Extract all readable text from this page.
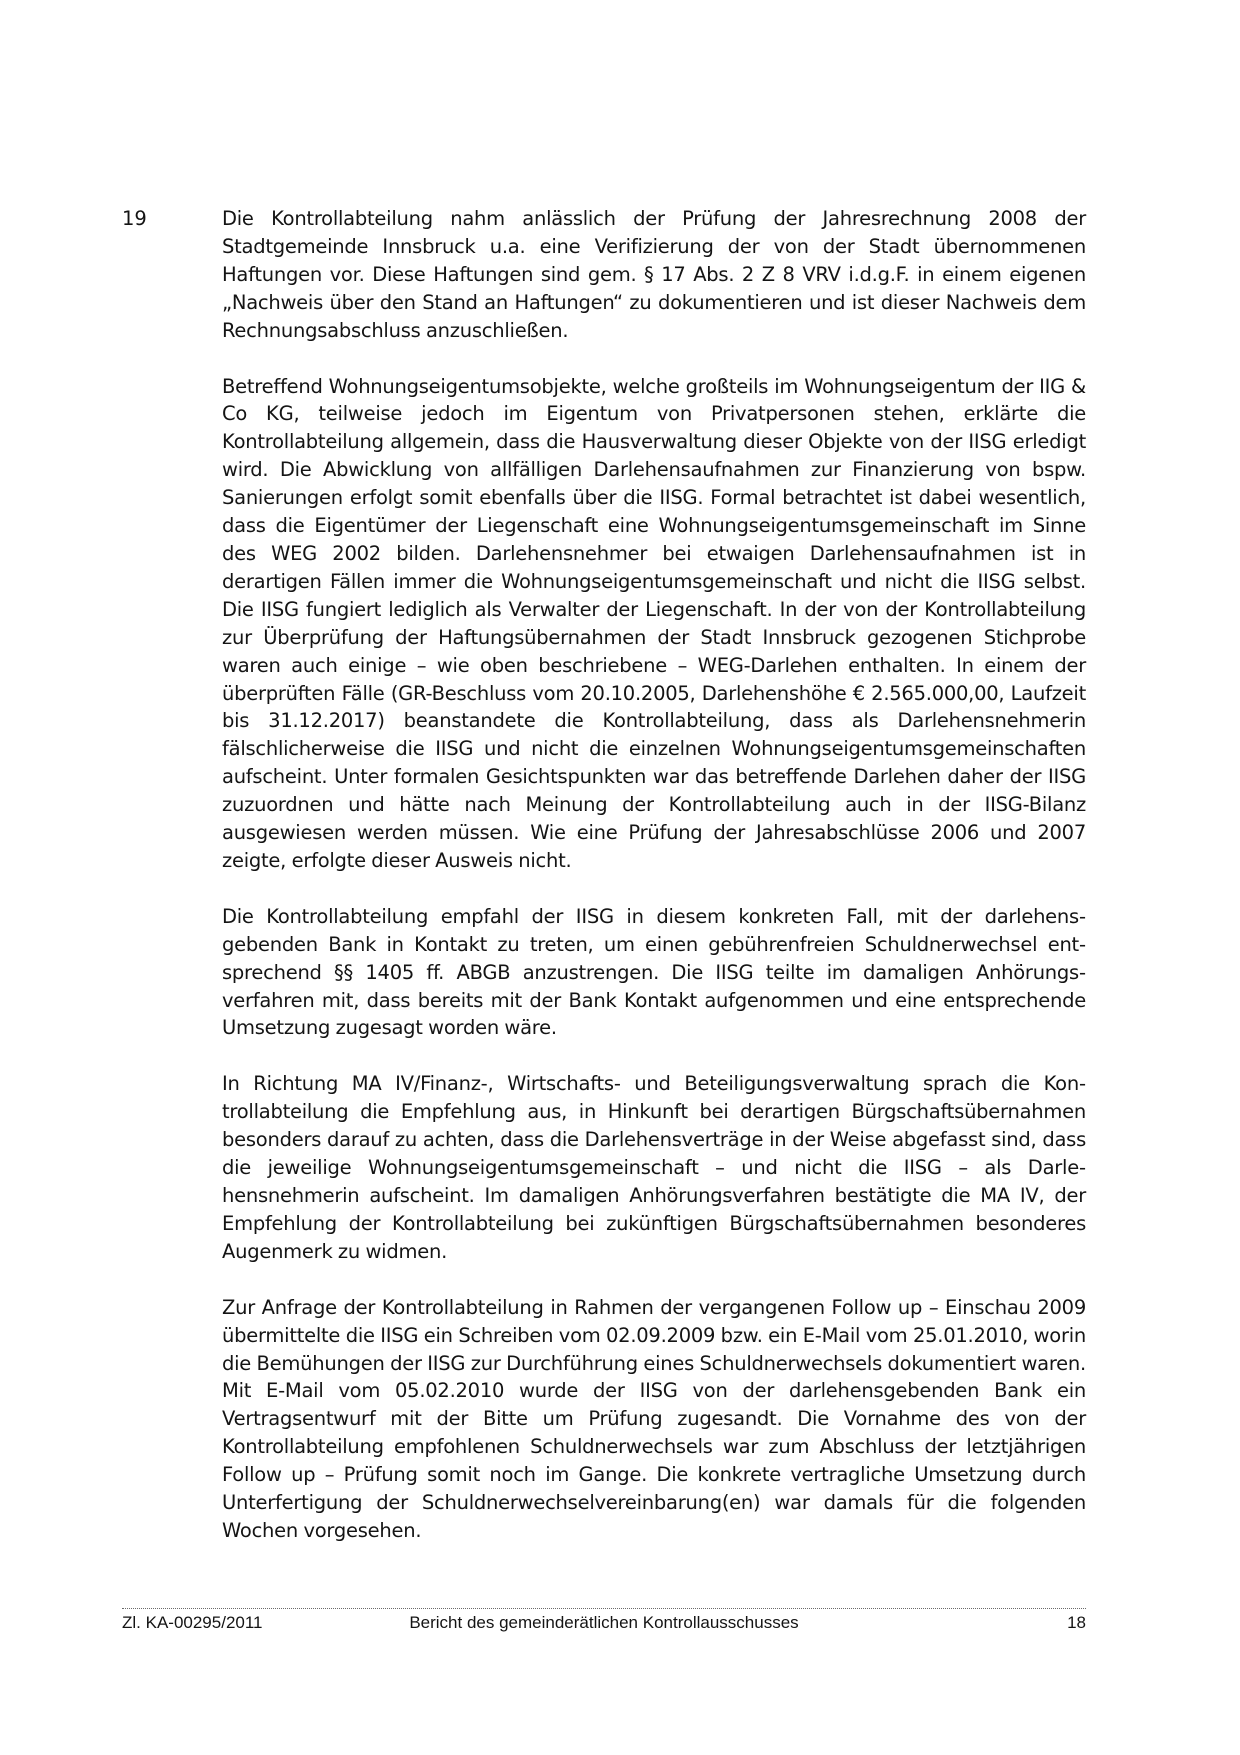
19	Die Kontrollabteilung nahm anlässlich der Prüfung der Jahresrechnung 2008 der Stadtgemeinde Innsbruck u.a. eine Verifizierung der von der Stadt übernommenen Haftungen vor. Diese Haftungen sind gem. § 17 Abs. 2 Z 8 VRV i.d.g.F. in einem eigenen „Nachweis über den Stand an Haftungen“ zu dokumentieren und ist dieser Nachweis dem Rechnungsabschluss anzuschließen.

Betreffend Wohnungseigentumsobjekte, welche großteils im Wohnungseigentum der IIG & Co KG, teilweise jedoch im Eigentum von Privatpersonen stehen, erklärte die Kontrollabteilung allgemein, dass die Hausverwaltung dieser Objekte von der IISG erledigt wird. Die Abwicklung von allfälligen Darlehensaufnahmen zur Finanzierung von bspw. Sanierungen erfolgt somit ebenfalls über die IISG. Formal betrachtet ist dabei wesentlich, dass die Eigentümer der Liegenschaft eine Wohnungseigentumsgemeinschaft im Sinne des WEG 2002 bilden. Darlehensnehmer bei etwaigen Darlehensaufnahmen ist in derartigen Fällen immer die Wohnungseigentumsgemeinschaft und nicht die IISG selbst. Die IISG fungiert lediglich als Verwalter der Liegenschaft. In der von der Kontrollabteilung zur Überprüfung der Haftungsübernahmen der Stadt Innsbruck gezogenen Stichprobe waren auch einige – wie oben beschriebene – WEG-Darlehen enthalten. In einem der überprüften Fälle (GR-Beschluss vom 20.10.2005, Darlehenshöhe € 2.565.000,00, Laufzeit bis 31.12.2017) beanstandete die Kontrollabteilung, dass als Darlehensnehmerin fälschlicherweise die IISG und nicht die einzelnen Wohnungseigentumsgemeinschaften aufscheint. Unter formalen Gesichtspunkten war das betreffende Darlehen daher der IISG zuzuordnen und hätte nach Meinung der Kontrollabteilung auch in der IISG-Bilanz ausgewiesen werden müssen. Wie eine Prüfung der Jahresabschlüsse 2006 und 2007 zeigte, erfolgte dieser Ausweis nicht.

Die Kontrollabteilung empfahl der IISG in diesem konkreten Fall, mit der darlehensgebenden Bank in Kontakt zu treten, um einen gebührenfreien Schuldnerwechsel entsprechend §§ 1405 ff. ABGB anzustrengen. Die IISG teilte im damaligen Anhörungsverfahren mit, dass bereits mit der Bank Kontakt aufgenommen und eine entsprechende Umsetzung zugesagt worden wäre.

In Richtung MA IV/Finanz-, Wirtschafts- und Beteiligungsverwaltung sprach die Kontrollabteilung die Empfehlung aus, in Hinkunft bei derartigen Bürgschaftsübernahmen besonders darauf zu achten, dass die Darlehensverträge in der Weise abgefasst sind, dass die jeweilige Wohnungseigentumsgemeinschaft – und nicht die IISG – als Darlehensnehmerin aufscheint. Im damaligen Anhörungsverfahren bestätigte die MA IV, der Empfehlung der Kontrollabteilung bei zukünftigen Bürgschaftsübernahmen besonderes Augenmerk zu widmen.

Zur Anfrage der Kontrollabteilung in Rahmen der vergangenen Follow up – Einschau 2009 übermittelte die IISG ein Schreiben vom 02.09.2009 bzw. ein E-Mail vom 25.01.2010, worin die Bemühungen der IISG zur Durchführung eines Schuldnerwechsels dokumentiert waren. Mit E-Mail vom 05.02.2010 wurde der IISG von der darlehensgebenden Bank ein Vertragsentwurf mit der Bitte um Prüfung zugesandt. Die Vornahme des von der Kontrollabteilung empfohlenen Schuldnerwechsels war zum Abschluss der letztjährigen Follow up – Prüfung somit noch im Gange. Die konkrete vertragliche Umsetzung durch Unterfertigung der Schuldnerwechselvereinbarung(en) war damals für die folgenden Wochen vorgesehen.

Bericht des gemeinderätlichen Kontrollausschusses
Zl. KA-00295/2011	18
